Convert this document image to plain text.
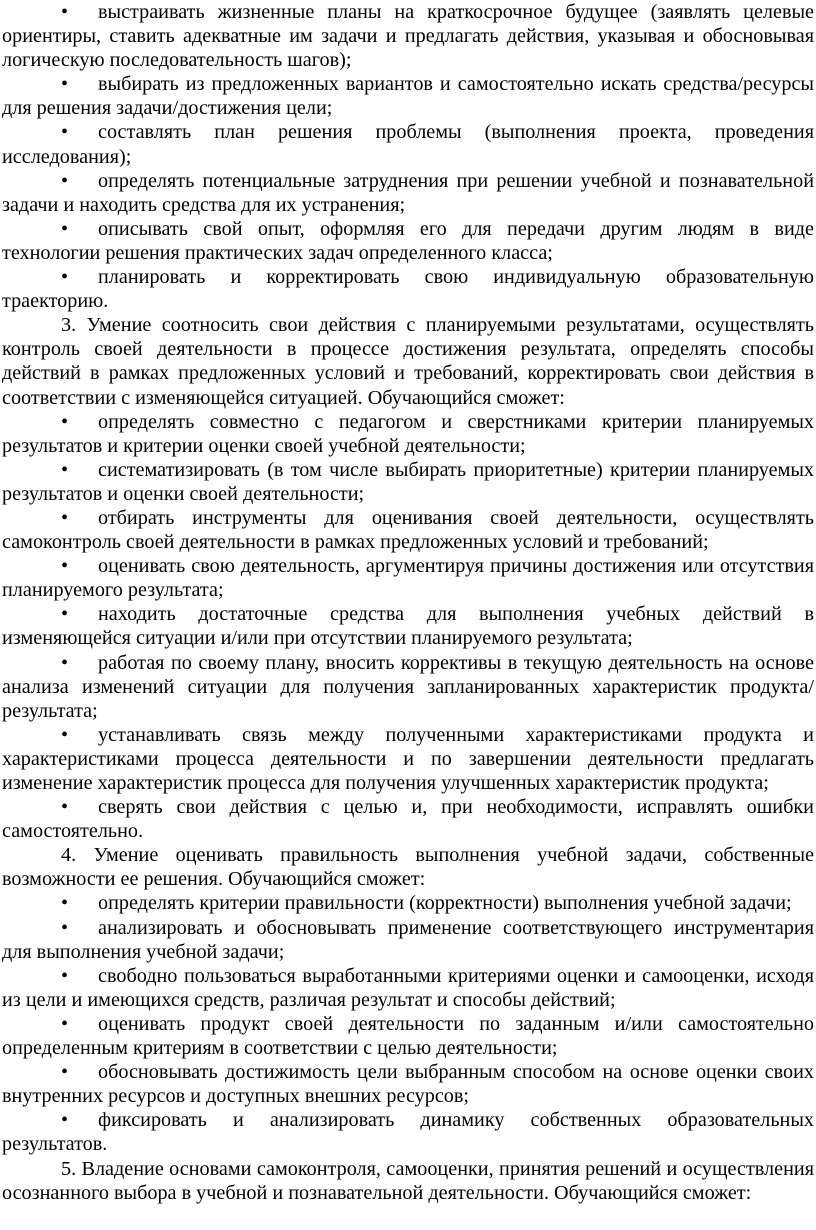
• выстраивать жизненные планы на краткосрочное будущее (заявлять целевые ориентиры, ставить адекватные им задачи и предлагать действия, указывая и обосновывая логическую последовательность шагов);

• выбирать из предложенных вариантов и самостоятельно искать средства/ресурсы для решения задачи/достижения цели;

• составлять план решения проблемы (выполнения проекта, проведения исследования);

• определять потенциальные затруднения при решении учебной и познавательной задачи и находить средства для их устранения;

• описывать свой опыт, оформляя его для передачи другим людям в виде технологии решения практических задач определенного класса;

• планировать и корректировать свою индивидуальную образовательную траекторию.

3. Умение соотносить свои действия с планируемыми результатами, осуществлять контроль своей деятельности в процессе достижения результата, определять способы действий в рамках предложенных условий и требований, корректировать свои действия в соответствии с изменяющейся ситуацией. Обучающийся сможет:

• определять совместно с педагогом и сверстниками критерии планируемых результатов и критерии оценки своей учебной деятельности;

• систематизировать (в том числе выбирать приоритетные) критерии планируемых результатов и оценки своей деятельности;

• отбирать инструменты для оценивания своей деятельности, осуществлять самоконтроль своей деятельности в рамках предложенных условий и требований;

• оценивать свою деятельность, аргументируя причины достижения или отсутствия планируемого результата;

• находить достаточные средства для выполнения учебных действий в изменяющейся ситуации и/или при отсутствии планируемого результата;

• работая по своему плану, вносить коррективы в текущую деятельность на основе анализа изменений ситуации для получения запланированных характеристик продукта/результата;

• устанавливать связь между полученными характеристиками продукта и характеристиками процесса деятельности и по завершении деятельности предлагать изменение характеристик процесса для получения улучшенных характеристик продукта;

• сверять свои действия с целью и, при необходимости, исправлять ошибки самостоятельно.

4. Умение оценивать правильность выполнения учебной задачи, собственные возможности ее решения. Обучающийся сможет:

• определять критерии правильности (корректности) выполнения учебной задачи;

• анализировать и обосновывать применение соответствующего инструментария для выполнения учебной задачи;

• свободно пользоваться выработанными критериями оценки и самооценки, исходя из цели и имеющихся средств, различая результат и способы действий;

• оценивать продукт своей деятельности по заданным и/или самостоятельно определенным критериям в соответствии с целью деятельности;

• обосновывать достижимость цели выбранным способом на основе оценки своих внутренних ресурсов и доступных внешних ресурсов;

• фиксировать и анализировать динамику собственных образовательных результатов.

5. Владение основами самоконтроля, самооценки, принятия решений и осуществления осознанного выбора в учебной и познавательной деятельности. Обучающийся сможет:
